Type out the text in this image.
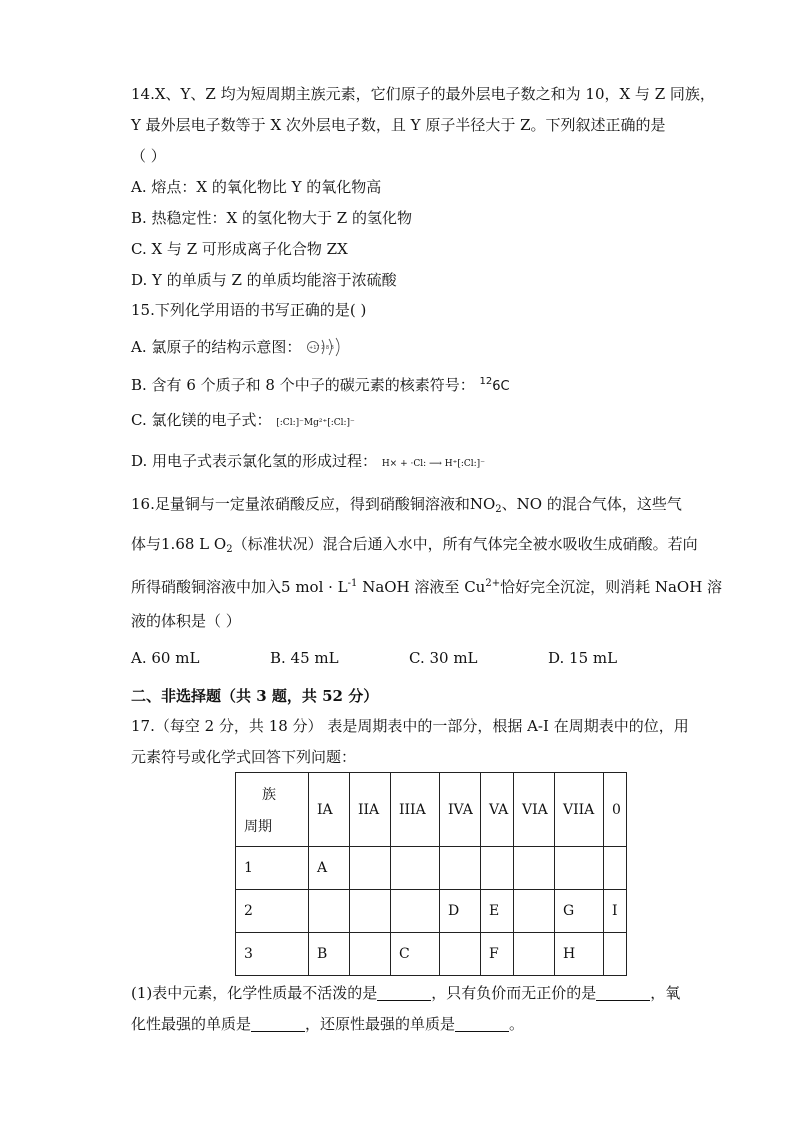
14.X、Y、Z 均为短周期主族元素，它们原子的最外层电子数之和为 10，X 与 Z 同族，
Y 最外层电子数等于 X 次外层电子数，且 Y 原子半径大于 Z。下列叙述正确的是
（ ）
A. 熔点：X 的氧化物比 Y 的氧化物高
B. 热稳定性：X 的氢化物大于 Z 的氢化物
C. X 与 Z 可形成离子化合物 ZX
D. Y 的单质与 Z 的单质均能溶于浓硫酸
15.下列化学用语的书写正确的是( )
A. 氯原子的结构示意图： +17 2 8 8
B. 含有 6 个质子和 8 个中子的碳元素的核素符号： $^{12}$6C
C. 氯化镁的电子式： [:Cl:]⁻Mg²⁺[:Cl:]⁻
D. 用电子式表示氯化氢的形成过程： H× + ·Cl: ⟶ H⁺[:Cl:]⁻
16.足量铜与一定量浓硝酸反应，得到硝酸铜溶液和$NO_2$、NO 的混合气体，这些气
体与1.68 L $O_2$（标准状况）混合后通入水中，所有气体完全被水吸收生成硝酸。若向
所得硝酸铜溶液中加入5 mol · $L^{-1}$ NaOH 溶液至 $Cu^{2+}$恰好完全沉淀，则消耗 NaOH 溶
液的体积是（ ）
A. 60 mL	B. 45 mL	C. 30 mL	D. 15 mL
二、非选择题（共 3 题，共 52 分）
17.（每空 2 分，共 18 分） 表是周期表中的一部分，根据 A-I 在周期表中的位，用
元素符号或化学式回答下列问题：
族
周期	IA	IIA	IIIA	IVA	VA	VIA	VIIA	0
1	A							
2				D	E		G	I
3	B		C		F		H	
(1)表中元素，化学性质最不活泼的是	，只有负价而无正价的是	，氧
化性最强的单质是	，还原性最强的单质是	。
